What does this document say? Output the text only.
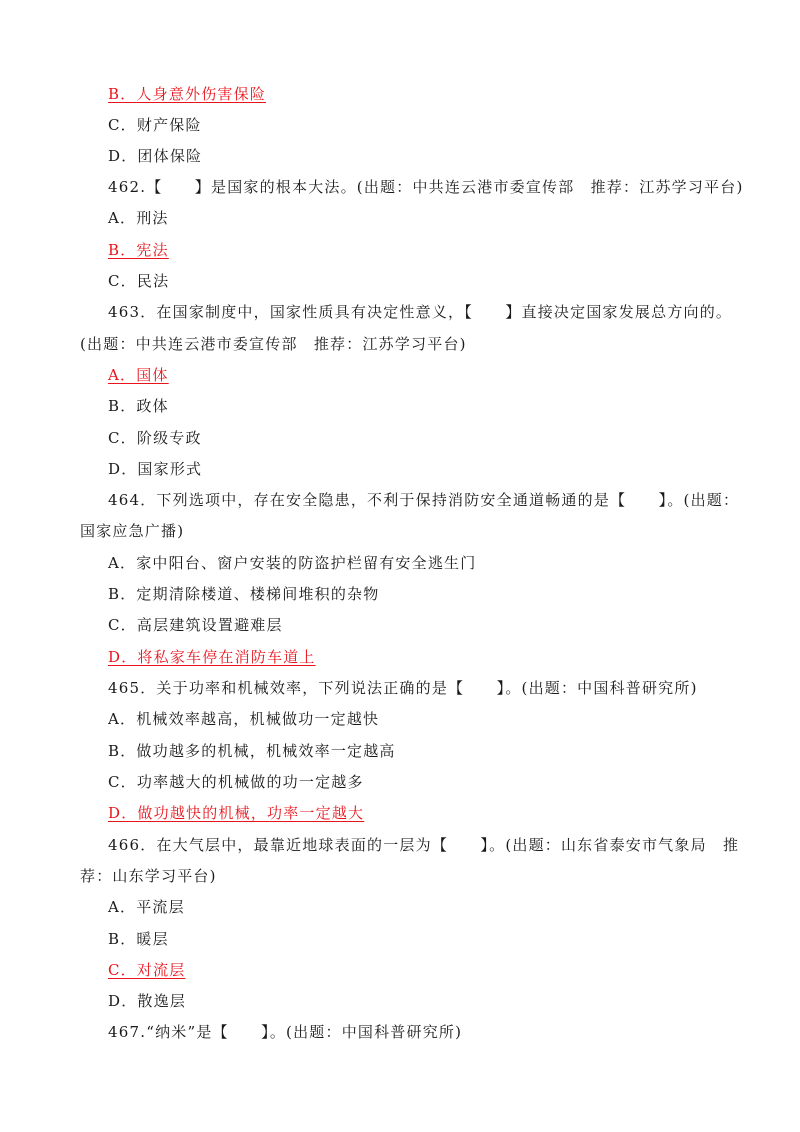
B．人身意外伤害保险
C．财产保险
D．团体保险
462.【　　】是国家的根本大法。(出题：中共连云港市委宣传部　推荐：江苏学习平台)
A．刑法
B．宪法
C．民法
463．在国家制度中，国家性质具有决定性意义，【　　】直接决定国家发展总方向的。
(出题：中共连云港市委宣传部　推荐：江苏学习平台)
A．国体
B．政体
C．阶级专政
D．国家形式
464．下列选项中，存在安全隐患，不利于保持消防安全通道畅通的是【　　】。(出题：
国家应急广播)
A．家中阳台、窗户安装的防盗护栏留有安全逃生门
B．定期清除楼道、楼梯间堆积的杂物
C．高层建筑设置避难层
D．将私家车停在消防车道上
465．关于功率和机械效率，下列说法正确的是【　　】。(出题：中国科普研究所)
A．机械效率越高，机械做功一定越快
B．做功越多的机械，机械效率一定越高
C．功率越大的机械做的功一定越多
D．做功越快的机械，功率一定越大
466．在大气层中，最靠近地球表面的一层为【　　】。(出题：山东省泰安市气象局　推
荐：山东学习平台)
A．平流层
B．暖层
C．对流层
D．散逸层
467.“纳米”是【　　】。(出题：中国科普研究所)
